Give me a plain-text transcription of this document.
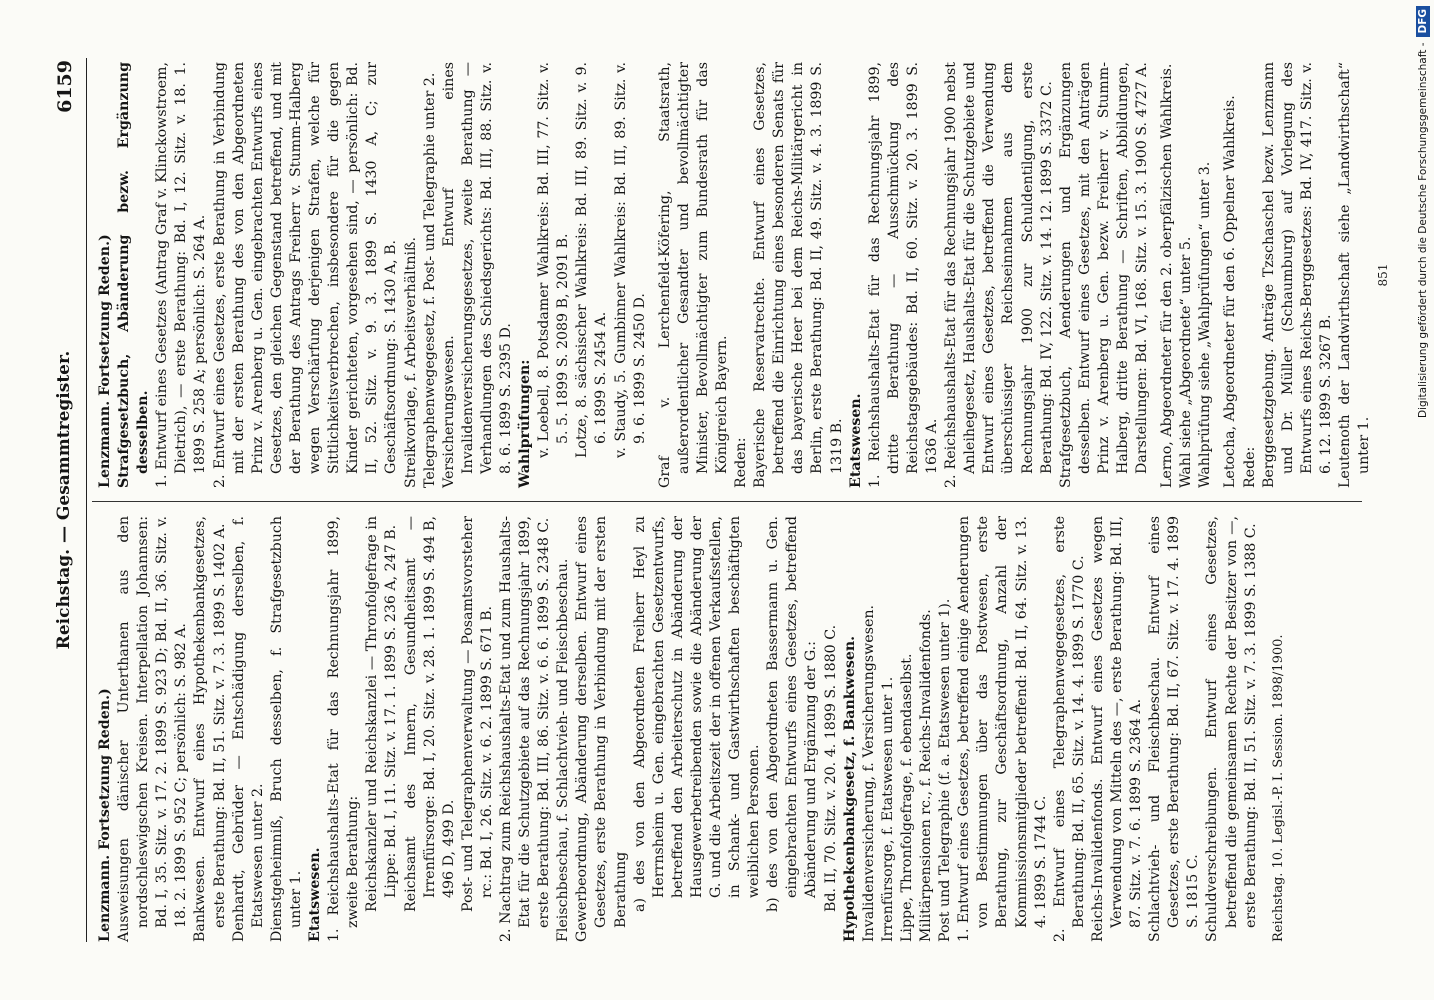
Reichstag. — Gesammtregister.
6159

Lenzmann. Fortsetzung Reden.) Ausweisungen dänischer Unterthanen aus den nordschleswigschen Kreisen. Interpellation Johannsen: Bd. I, 35. Sitz. v. 17. 2. 1899 S. 923 D; Bd. II, 36. Sitz. v. 18. 2. 1899 S. 952 C; persönlich: S. 982 A. Bankwesen. Entwurf eines Hypothekenbankgesetzes, erste Berathung: Bd. II, 51. Sitz. v. 7. 3. 1899 S. 1402 A. Denhardt, Gebrüder — Entschädigung derselben, f. Etatswesen unter 2. Dienstgeheimniß, Bruch desselben, f. Strafgesetzbuch unter 1. Etatswesen. 1. Reichshaushalts-Etat für das Rechnungsjahr 1899, zweite Berathung: Reichskanzler und Reichskanzlei — Thronfolgefrage in Lippe: Bd. I, 11. Sitz. v. 17. 1. 1899 S. 236 A, 247 B. Reichsamt des Innern, Gesundheitsamt — Irrenfürsorge: Bd. I, 20. Sitz. v. 28. 1. 1899 S. 494 B, 496 D, 499 D. Post- und Telegraphenverwaltung — Posamtsvorsteher rc.: Bd. I, 26. Sitz. v. 6. 2. 1899 S. 671 B. 2. Nachtrag zum Reichshaushalts-Etat und zum Haushalts-Etat für die Schutzgebiete auf das Rechnungsjahr 1899, erste Berathung: Bd. III, 86. Sitz. v. 6. 6. 1899 S. 2348 C. Fleischbeschau, f. Schlachtvieh- und Fleischbeschau. Gewerbeordnung, Abänderung derselben. Entwurf eines Gesetzes, erste Berathung in Verbindung mit der ersten Berathung a) des von den Abgeordneten Freiherr Heyl zu Herrnsheim u. Gen. eingebrachten Gesetzentwurfs, betreffend den Arbeiterschutz in Abänderung der Hausgewerbetreibenden sowie die Abänderung der G. und die Arbeitszeit der in offenen Verkaufsstellen, in Schank- und Gastwirthschaften beschäftigten weiblichen Personen. b) des von den Abgeordneten Bassermann u. Gen. eingebrachten Entwurfs eines Gesetzes, betreffend Abänderung und Ergänzung der G.: Bd. II, 70. Sitz. v. 20. 4. 1899 S. 1880 C. Hypothekenbankgesetz, f. Bankwesen. Invalidenversicherung, f. Versicherungswesen. Irrenfürsorge, f. Etatswesen unter 1. Lippe, Thronfolgefrage, f. ebendaselbst. Militärpensionen rc., f. Reichs-Invalidenfonds. Post und Telegraphie (f. a. Etatswesen unter 1). 1. Entwurf eines Gesetzes, betreffend einige Aenderungen von Bestimmungen über das Postwesen, erste Berathung, zur Geschäftsordnung, Anzahl der Kommissionsmitglieder betreffend: Bd. II, 64. Sitz. v. 13. 4. 1899 S. 1744 C. 2. Entwurf eines Telegraphenwegegesetzes, erste Berathung: Bd. II, 65. Sitz. v. 14. 4. 1899 S. 1770 C. Reichs-Invalidenfonds. Entwurf eines Gesetzes wegen Verwendung von Mitteln des —, erste Berathung: Bd. III, 87. Sitz. v. 7. 6. 1899 S. 2364 A. Schlachtvieh- und Fleischbeschau. Entwurf eines Gesetzes, erste Berathung: Bd. II, 67. Sitz. v. 17. 4. 1899 S. 1815 C. Schuldverschreibungen. Entwurf eines Gesetzes, betreffend die gemeinsamen Rechte der Besitzer von —, erste Berathung: Bd. II, 51. Sitz. v. 7. 3. 1899 S. 1388 C. Reichstag. 10. Legisl.-P. I. Session. 1898/1900.

Lenzmann. Fortsetzung Reden.) Strafgesetzbuch, Abänderung bezw. Ergänzung desselben. 1. Entwurf eines Gesetzes (Antrag Graf v. Klinckowstroem, Dietrich), — erste Berathung: Bd. I, 12. Sitz. v. 18. 1. 1899 S. 258 A; persönlich: S. 264 A. 2. Entwurf eines Gesetzes, erste Berathung in Verbindung mit der ersten Berathung des von den Abgeordneten Prinz v. Arenberg u. Gen. eingebrachten Entwurfs eines Gesetzes, den gleichen Gegenstand betreffend, und mit der Berathung des Antrags Freiherr v. Stumm-Halberg wegen Verschärfung derjenigen Strafen, welche für Sittlichkeitsverbrechen, insbesondere für die gegen Kinder gerichteten, vorgesehen sind, — persönlich: Bd. II, 52. Sitz. v. 9. 3. 1899 S. 1430 A, C; zur Geschäftsordnung: S. 1430 A, B. Streikvorlage, f. Arbeitsverhältniß. Telegraphenwegegesetz, f. Post- und Telegraphie unter 2. Versicherungswesen. Entwurf eines Invalidenversicherungsgesetzes, zweite Berathung — Verhandlungen des Schiedsgerichts: Bd. III, 88. Sitz. v. 8. 6. 1899 S. 2395 D. Wahlprüfungen: v. Loebell, 8. Potsdamer Wahlkreis: Bd. III, 77. Sitz. v. 5. 5. 1899 S. 2089 B, 2091 B. Lotze, 8. sächsischer Wahlkreis: Bd. III, 89. Sitz. v. 9. 6. 1899 S. 2454 A. v. Staudy, 5. Gumbinner Wahlkreis: Bd. III, 89. Sitz. v. 9. 6. 1899 S. 2450 D. Graf v. Lerchenfeld-Köfering, Staatsrath, außerordentlicher Gesandter und bevollmächtigter Minister, Bevollmächtigter zum Bundesrath für das Königreich Bayern. Reden: Bayerische Reservatrechte. Entwurf eines Gesetzes, betreffend die Einrichtung eines besonderen Senats für das bayerische Heer bei dem Reichs-Militärgericht in Berlin, erste Berathung: Bd. II, 49. Sitz. v. 4. 3. 1899 S. 1319 B. Etatswesen. 1. Reichshaushalts-Etat für das Rechnungsjahr 1899, dritte Berathung — Ausschmückung des Reichstagsgebäudes: Bd. II, 60. Sitz. v. 20. 3. 1899 S. 1636 A. 2. Reichshaushalts-Etat für das Rechnungsjahr 1900 nebst Anleihegesetz, Haushalts-Etat für die Schutzgebiete und Entwurf eines Gesetzes, betreffend die Verwendung überschüssiger Reichseinnahmen aus dem Rechnungsjahr 1900 zur Schuldentilgung, erste Berathung: Bd. IV, 122. Sitz. v. 14. 12. 1899 S. 3372 C. Strafgesetzbuch, Aenderungen und Ergänzungen desselben. Entwurf eines Gesetzes, mit den Anträgen Prinz v. Arenberg u. Gen. bezw. Freiherr v. Stumm-Halberg, dritte Berathung — Schriften, Abbildungen, Darstellungen: Bd. VI, 168. Sitz. v. 15. 3. 1900 S. 4727 A. Lerno, Abgeordneter für den 2. oberpfälzischen Wahlkreis. Wahl siehe „Abgeordnete“ unter 5. Wahlprüfung siehe „Wahlprüfungen“ unter 3. Letocha, Abgeordneter für den 6. Oppelner Wahlkreis. Rede: Berggesetzgebung. Anträge Tzschaschel bezw. Lenzmann und Dr. Müller (Schaumburg) auf Vorlegung des Entwurfs eines Reichs-Berggesetzes: Bd. IV, 417. Sitz. v. 6. 12. 1899 S. 3267 B. Leutenoth der Landwirthschaft siehe „Landwirthschaft“ unter 1.

851	Digitalisierung gefördert durch die Deutsche Forschungsgemeinschaft -DFG
